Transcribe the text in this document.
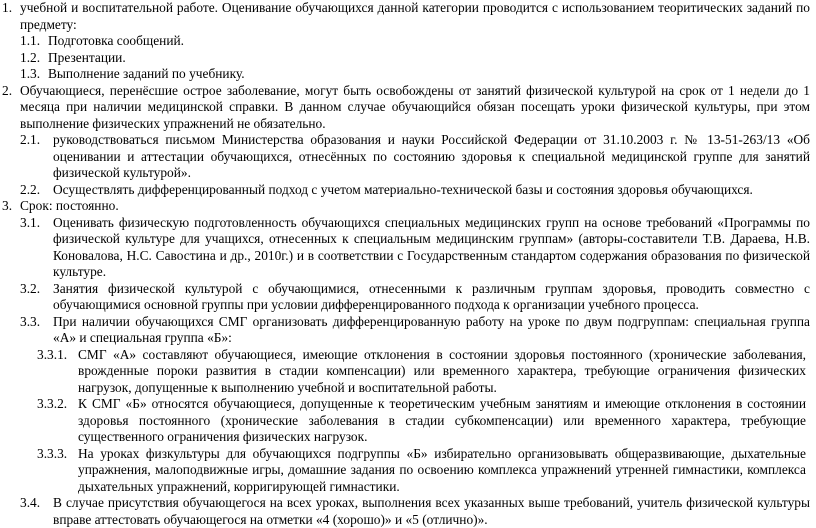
1. учебной и воспитательной работе. Оценивание обучающихся данной категории проводится с использованием теоритических заданий по предмету:
1.1. Подготовка сообщений.
1.2. Презентации.
1.3. Выполнение заданий по учебнику.
2. Обучающиеся, перенёсшие острое заболевание, могут быть освобождены от занятий физической культурой на срок от 1 недели до 1 месяца при наличии медицинской справки. В данном случае обучающийся обязан посещать уроки физической культуры, при этом выполнение физических упражнений не обязательно.
2.1. руководствоваться письмом Министерства образования и науки Российской Федерации от 31.10.2003 г. № 13-51-263/13 «Об оценивании и аттестации обучающихся, отнесённых по состоянию здоровья к специальной медицинской группе для занятий физической культурой».
2.2. Осуществлять дифференцированный подход с учетом материально-технической базы и состояния здоровья обучающихся.
3. Срок: постоянно.
3.1. Оценивать физическую подготовленность обучающихся специальных медицинских групп на основе требований «Программы по физической культуре для учащихся, отнесенных к специальным медицинским группам» (авторы-составители Т.В. Дараева, Н.В. Коновалова, Н.С. Савостина и др., 2010г.) и в соответствии с Государственным стандартом содержания образования по физической культуре.
3.2. Занятия физической культурой с обучающимися, отнесенными к различным группам здоровья, проводить совместно с обучающимися основной группы при условии дифференцированного подхода к организации учебного процесса.
3.3. При наличии обучающихся СМГ организовать дифференцированную работу на уроке по двум подгруппам: специальная группа «А» и специальная группа «Б»:
3.3.1. СМГ «А» составляют обучающиеся, имеющие отклонения в состоянии здоровья постоянного (хронические заболевания, врожденные пороки развития в стадии компенсации) или временного характера, требующие ограничения физических нагрузок, допущенные к выполнению учебной и воспитательной работы.
3.3.2. К СМГ «Б» относятся обучающиеся, допущенные к теоретическим учебным занятиям и имеющие отклонения в состоянии здоровья постоянного (хронические заболевания в стадии субкомпенсации) или временного характера, требующие существенного ограничения физических нагрузок.
3.3.3. На уроках физкультуры для обучающихся подгруппы «Б» избирательно организовывать общеразвивающие, дыхательные упражнения, малоподвижные игры, домашние задания по освоению комплекса упражнений утренней гимнастики, комплекса дыхательных упражнений, корригирующей гимнастики.
3.4. В случае присутствия обучающегося на всех уроках, выполнения всех указанных выше требований, учитель физической культуры вправе аттестовать обучающегося на отметки «4 (хорошо)» и «5 (отлично)».
